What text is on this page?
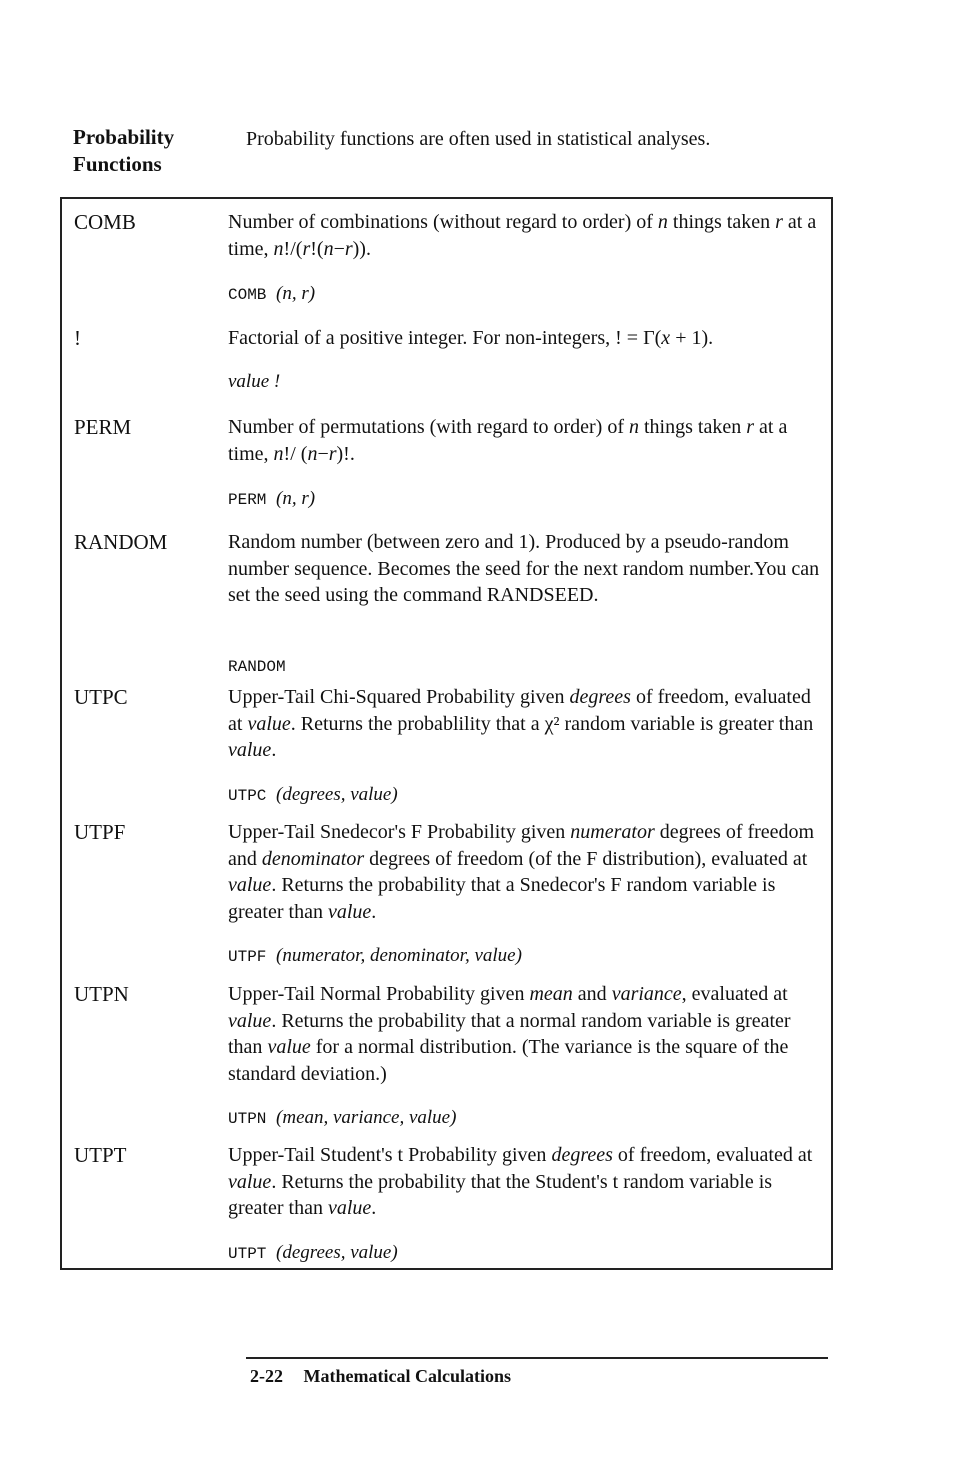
Probability
Functions
Probability functions are often used in statistical analyses.
COMB	Number of combinations (without regard to order) of n things taken r at a time, n!/(r!(n−r)).
COMB (n, r)
!	Factorial of a positive integer. For non-integers, ! = Γ(x + 1).
value !
PERM	Number of permutations (with regard to order) of n things taken r at a time, n!/ (n−r)!.
PERM (n, r)
RANDOM	Random number (between zero and 1). Produced by a pseudo-random number sequence. Becomes the seed for the next random number.You can set the seed using the command RANDSEED.
RANDOM
UTPC	Upper-Tail Chi-Squared Probability given degrees of freedom, evaluated at value. Returns the probablility that a χ² random variable is greater than value.
UTPC (degrees, value)
UTPF	Upper-Tail Snedecor's F Probability given numerator degrees of freedom and denominator degrees of freedom (of the F distribution), evaluated at value. Returns the probability that a Snedecor's F random variable is greater than value.
UTPF (numerator, denominator, value)
UTPN	Upper-Tail Normal Probability given mean and variance, evaluated at value. Returns the probability that a normal random variable is greater than value for a normal distribution. (The variance is the square of the standard deviation.)
UTPN (mean, variance, value)
UTPT	Upper-Tail Student's t Probability given degrees of freedom, evaluated at value. Returns the probability that the Student's t random variable is greater than value.
UTPT (degrees, value)
2-22 Mathematical Calculations
